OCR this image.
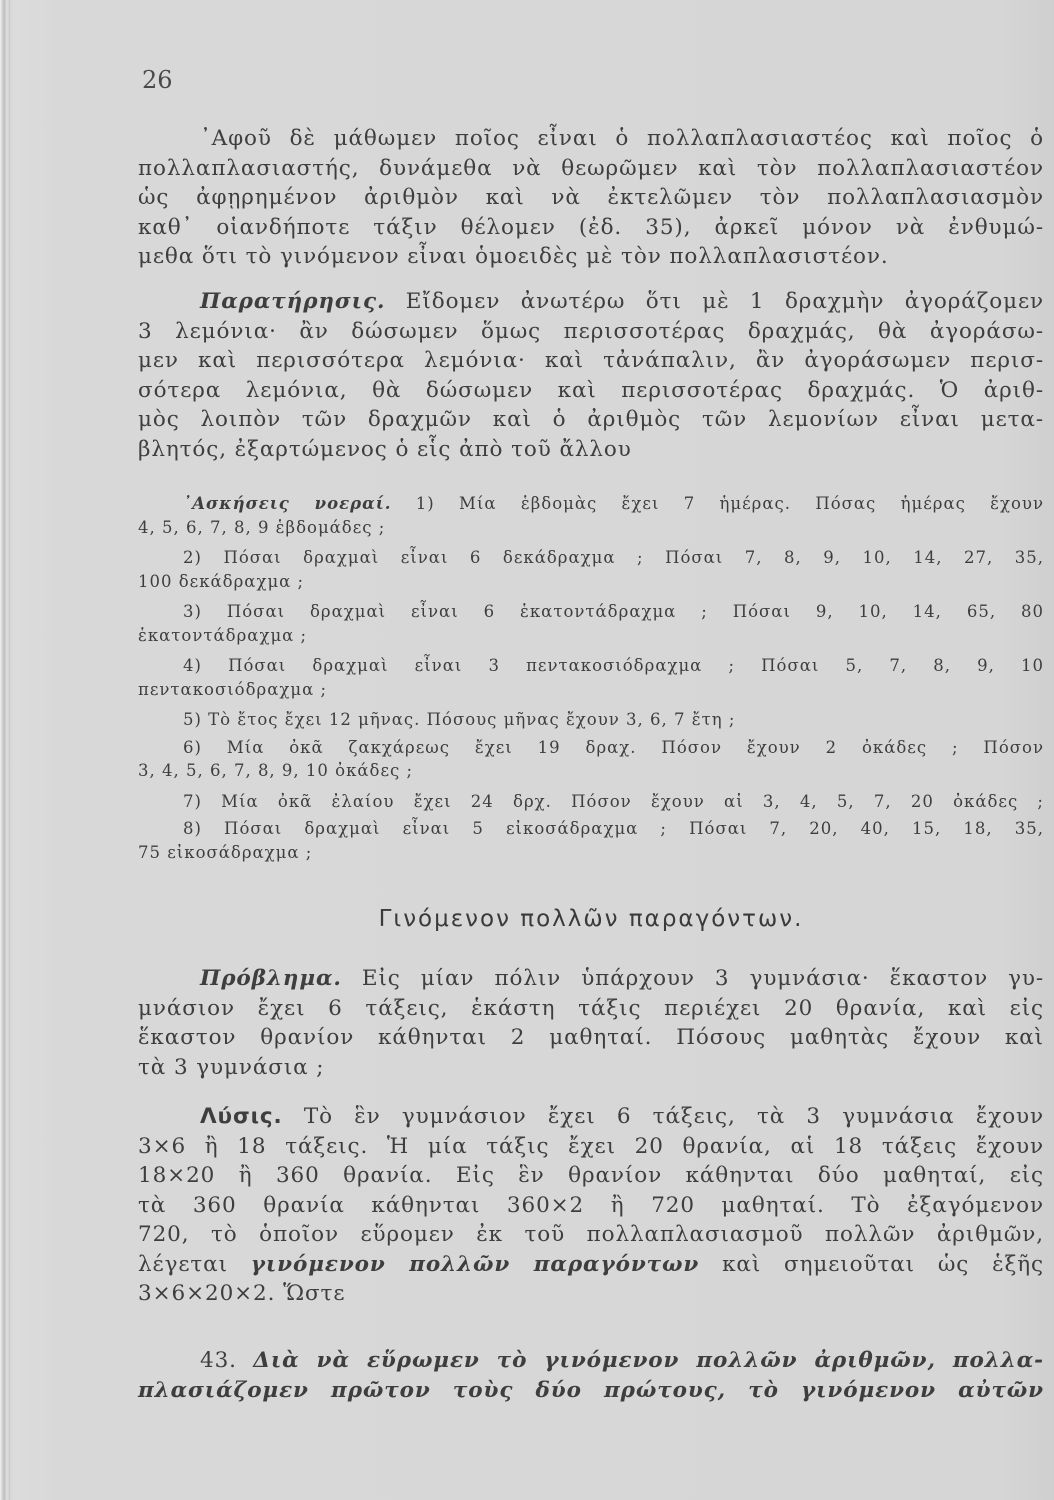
26

᾿Αφοῦ δὲ μάθωμεν ποῖος εἶναι ὁ πολλαπλασιαστέος καὶ ποῖος ὁ

πολλαπλασιαστής, δυνάμεθα νὰ θεωρῶμεν καὶ τὸν πολλαπλασιαστέον

ὡς ἀφῃρημένον ἀριθμὸν καὶ νὰ ἐκτελῶμεν τὸν πολλαπλασιασμὸν

καθ᾿ οἱανδήποτε τάξιν θέλομεν (ἐδ. 35), ἀρκεῖ μόνον νὰ ἐνθυμώ-

μεθα ὅτι τὸ γινόμενον εἶναι ὁμοειδὲς μὲ τὸν πολλαπλασιστέον.

Παρατήρησις. Εἴδομεν ἀνωτέρω ὅτι μὲ 1 δραχμὴν ἀγοράζομεν

3 λεμόνια· ἂν δώσωμεν ὅμως περισσοτέρας δραχμάς, θὰ ἀγοράσω-

μεν καὶ περισσότερα λεμόνια· καὶ τἀνάπαλιν, ἂν ἀγοράσωμεν περισ-

σότερα λεμόνια, θὰ δώσωμεν καὶ περισσοτέρας δραχμάς. Ὁ ἀριθ-

μὸς λοιπὸν τῶν δραχμῶν καὶ ὁ ἀριθμὸς τῶν λεμονίων εἶναι μετα-

βλητός, ἐξαρτώμενος ὁ εἷς ἀπὸ τοῦ ἄλλου

᾿Ασκήσεις νοεραί. 1) Μία ἑβδομὰς ἔχει 7 ἡμέρας. Πόσας ἡμέρας ἔχουν

4, 5, 6, 7, 8, 9 ἑβδομάδες ;

2) Πόσαι δραχμαὶ εἶναι 6 δεκάδραχμα ; Πόσαι 7, 8, 9, 10, 14, 27, 35,

100 δεκάδραχμα ;

3) Πόσαι δραχμαὶ εἶναι 6 ἑκατοντάδραχμα ; Πόσαι 9, 10, 14, 65, 80

ἑκατοντάδραχμα ;

4) Πόσαι δραχμαὶ εἶναι 3 πεντακοσιόδραχμα ; Πόσαι 5, 7, 8, 9, 10

πεντακοσιόδραχμα ;

5) Τὸ ἔτος ἔχει 12 μῆνας. Πόσους μῆνας ἔχουν 3, 6, 7 ἔτη ;

6) Μία ὀκᾶ ζακχάρεως ἔχει 19 δραχ. Πόσον ἔχουν 2 ὀκάδες ; Πόσον

3, 4, 5, 6, 7, 8, 9, 10 ὀκάδες ;

7) Μία ὀκᾶ ἐλαίου ἔχει 24 δρχ. Πόσον ἔχουν αἱ 3, 4, 5, 7, 20 ὀκάδες ;

8) Πόσαι δραχμαὶ εἶναι 5 εἰκοσάδραχμα ; Πόσαι 7, 20, 40, 15, 18, 35,

75 εἰκοσάδραχμα ;

Γινόμενον πολλῶν παραγόντων.

Πρόβλημα. Εἰς μίαν πόλιν ὑπάρχουν 3 γυμνάσια· ἕκαστον γυ-

μνάσιον ἔχει 6 τάξεις, ἑκάστη τάξις περιέχει 20 θρανία, καὶ εἰς

ἕκαστον θρανίον κάθηνται 2 μαθηταί. Πόσους μαθητὰς ἔχουν καὶ

τὰ 3 γυμνάσια ;

Λύσις. Τὸ ἓν γυμνάσιον ἔχει 6 τάξεις, τὰ 3 γυμνάσια ἔχουν

3×6 ἢ 18 τάξεις. Ἡ μία τάξις ἔχει 20 θρανία, αἱ 18 τάξεις ἔχουν

18×20 ἢ 360 θρανία. Εἰς ἓν θρανίον κάθηνται δύο μαθηταί, εἰς

τὰ 360 θρανία κάθηνται 360×2 ἢ 720 μαθηταί. Τὸ ἐξαγόμενον

720, τὸ ὁποῖον εὕρομεν ἐκ τοῦ πολλαπλασιασμοῦ πολλῶν ἀριθμῶν,

λέγεται γινόμενον πολλῶν παραγόντων καὶ σημειοῦται ὡς ἑξῆς

3×6×20×2. Ὥστε

43. Διὰ νὰ εὕρωμεν τὸ γινόμενον πολλῶν ἀριθμῶν, πολλα-

πλασιάζομεν πρῶτον τοὺς δύο πρώτους, τὸ γινόμενον αὐτῶν
